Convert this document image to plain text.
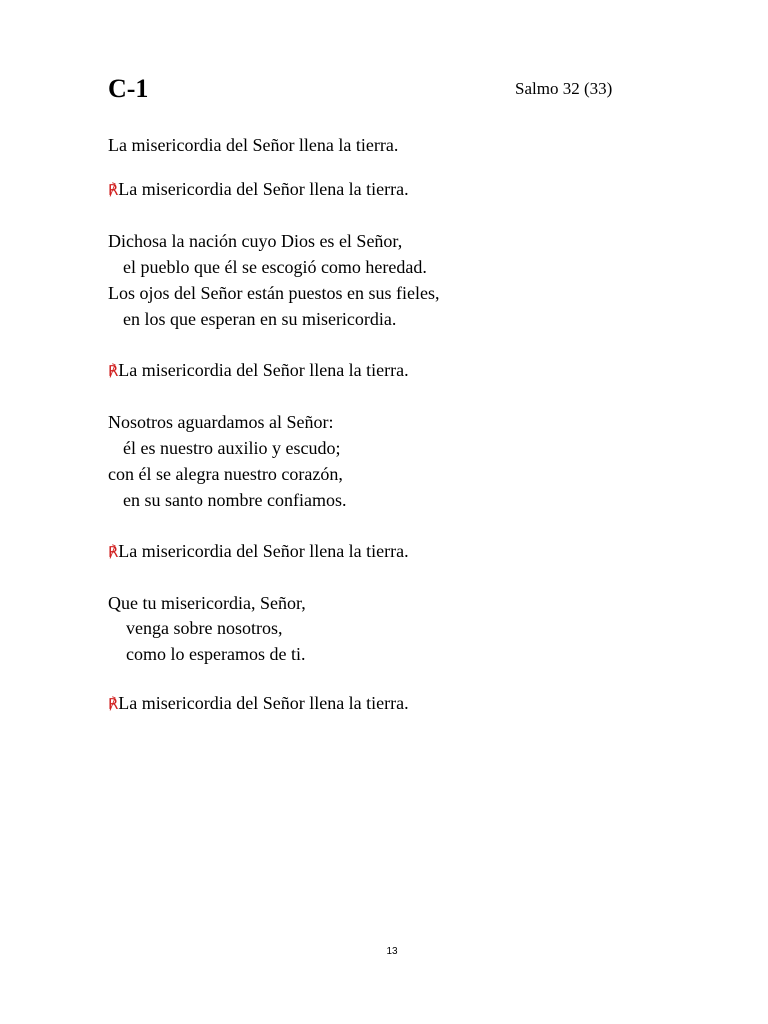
C-1	Salmo 32 (33)
La misericordia del Señor llena la tierra.
℟La misericordia del Señor llena la tierra.
Dichosa la nación cuyo Dios es el Señor,
el pueblo que él se escogió como heredad.
Los ojos del Señor están puestos en sus fieles,
en los que esperan en su misericordia.
℟La misericordia del Señor llena la tierra.
Nosotros aguardamos al Señor:
él es nuestro auxilio y escudo;
con él se alegra nuestro corazón,
en su santo nombre confiamos.
℟La misericordia del Señor llena la tierra.
Que tu misericordia, Señor,
venga sobre nosotros,
como lo esperamos de ti.
℟La misericordia del Señor llena la tierra.
13
